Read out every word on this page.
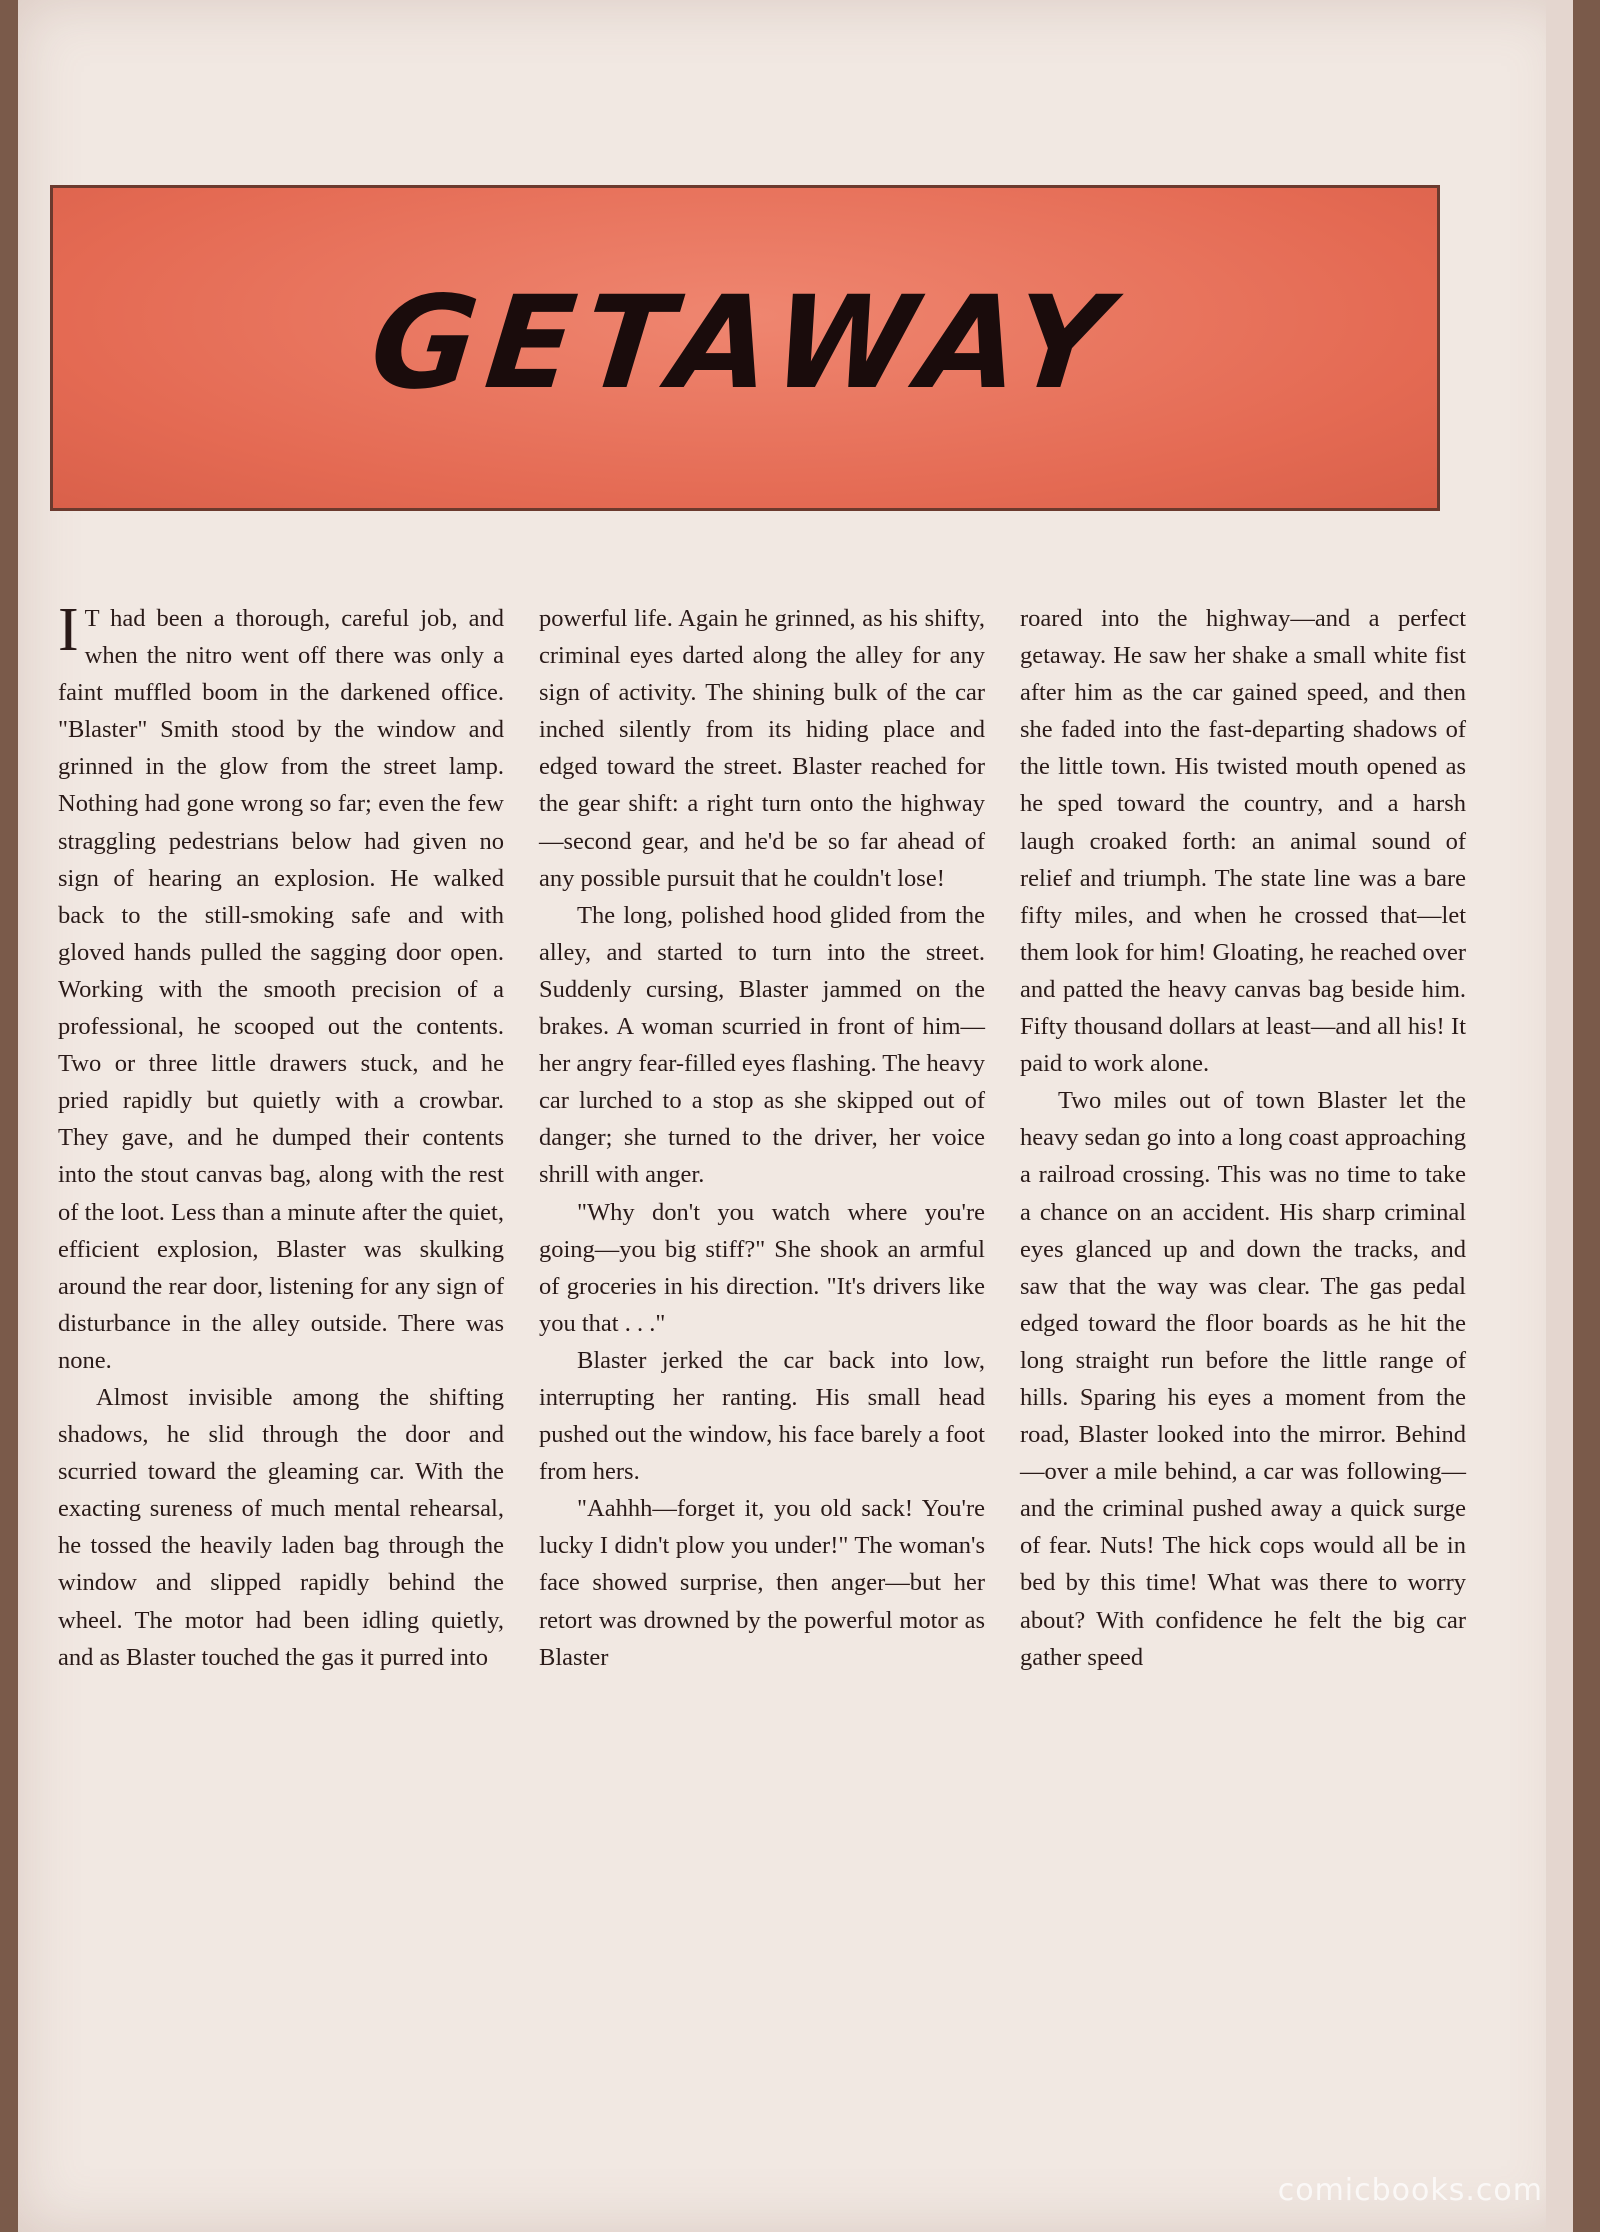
GETAWAY

I T had been a thorough, careful job, and when the nitro went off there was only a faint muffled boom in the darkened office. "Blaster" Smith stood by the window and grinned in the glow from the street lamp. Nothing had gone wrong so far; even the few straggling pedestrians below had given no sign of hearing an explosion. He walked back to the still-smoking safe and with gloved hands pulled the sagging door open. Working with the smooth precision of a professional, he scooped out the contents. Two or three little drawers stuck, and he pried rapidly but quietly with a crowbar. They gave, and he dumped their contents into the stout canvas bag, along with the rest of the loot. Less than a minute after the quiet, efficient explosion, Blaster was skulking around the rear door, listening for any sign of disturbance in the alley outside. There was none.

Almost invisible among the shifting shadows, he slid through the door and scurried toward the gleaming car. With the exacting sureness of much mental rehearsal, he tossed the heavily laden bag through the window and slipped rapidly behind the wheel. The motor had been idling quietly, and as Blaster touched the gas it purred into

powerful life. Again he grinned, as his shifty, criminal eyes darted along the alley for any sign of activity. The shining bulk of the car inched silently from its hiding place and edged toward the street. Blaster reached for the gear shift: a right turn onto the highway—second gear, and he'd be so far ahead of any possible pursuit that he couldn't lose!

The long, polished hood glided from the alley, and started to turn into the street. Suddenly cursing, Blaster jammed on the brakes. A woman scurried in front of him—her angry fear-filled eyes flashing. The heavy car lurched to a stop as she skipped out of danger; she turned to the driver, her voice shrill with anger.

"Why don't you watch where you're going—you big stiff?" She shook an armful of groceries in his direction. "It's drivers like you that . . ."

Blaster jerked the car back into low, interrupting her ranting. His small head pushed out the window, his face barely a foot from hers.

"Aahhh—forget it, you old sack! You're lucky I didn't plow you under!" The woman's face showed surprise, then anger—but her retort was drowned by the powerful motor as Blaster

roared into the highway—and a perfect getaway. He saw her shake a small white fist after him as the car gained speed, and then she faded into the fast-departing shadows of the little town. His twisted mouth opened as he sped toward the country, and a harsh laugh croaked forth: an animal sound of relief and triumph. The state line was a bare fifty miles, and when he crossed that—let them look for him! Gloating, he reached over and patted the heavy canvas bag beside him. Fifty thousand dollars at least—and all his! It paid to work alone.

Two miles out of town Blaster let the heavy sedan go into a long coast approaching a railroad crossing. This was no time to take a chance on an accident. His sharp criminal eyes glanced up and down the tracks, and saw that the way was clear. The gas pedal edged toward the floor boards as he hit the long straight run before the little range of hills. Sparing his eyes a moment from the road, Blaster looked into the mirror. Behind—over a mile behind, a car was following—and the criminal pushed away a quick surge of fear. Nuts! The hick cops would all be in bed by this time! What was there to worry about? With confidence he felt the big car gather speed

comicbooks.com
